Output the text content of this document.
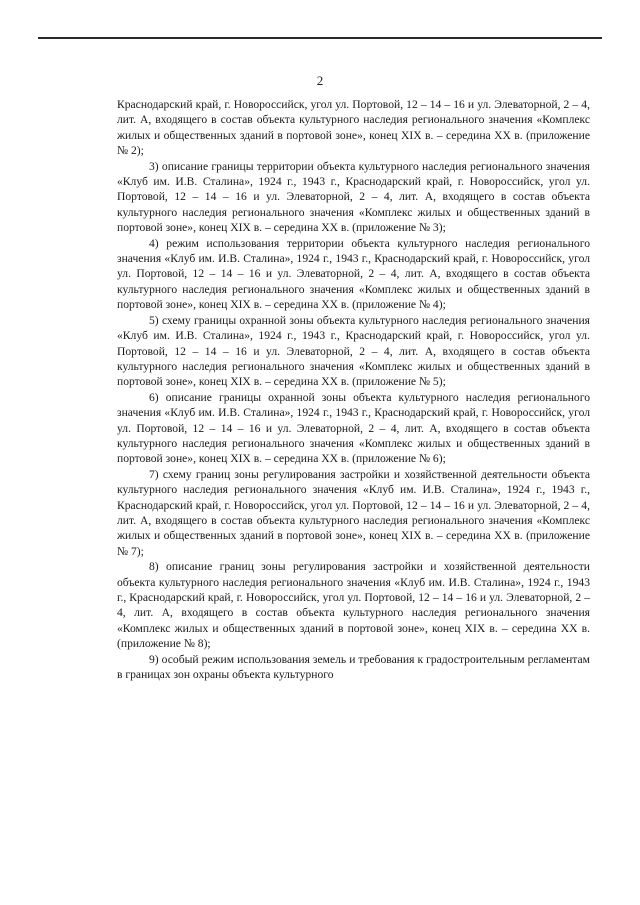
2

Краснодарский край, г. Новороссийск, угол ул. Портовой, 12 – 14 – 16 и ул. Элеваторной, 2 – 4, лит. А, входящего в состав объекта культурного наследия регионального значения «Комплекс жилых и общественных зданий в портовой зоне», конец XIX в. – середина XX в. (приложение № 2);

3) описание границы территории объекта культурного наследия регионального значения «Клуб им. И.В. Сталина», 1924 г., 1943 г., Краснодарский край, г. Новороссийск, угол ул. Портовой, 12 – 14 – 16 и ул. Элеваторной, 2 – 4, лит. А, входящего в состав объекта культурного наследия регионального значения «Комплекс жилых и общественных зданий в портовой зоне», конец XIX в. – середина XX в. (приложение № 3);

4) режим использования территории объекта культурного наследия регионального значения «Клуб им. И.В. Сталина», 1924 г., 1943 г., Краснодарский край, г. Новороссийск, угол ул. Портовой, 12 – 14 – 16 и ул. Элеваторной, 2 – 4, лит. А, входящего в состав объекта культурного наследия регионального значения «Комплекс жилых и общественных зданий в портовой зоне», конец XIX в. – середина XX в. (приложение № 4);

5) схему границы охранной зоны объекта культурного наследия регионального значения «Клуб им. И.В. Сталина», 1924 г., 1943 г., Краснодарский край, г. Новороссийск, угол ул. Портовой, 12 – 14 – 16 и ул. Элеваторной, 2 – 4, лит. А, входящего в состав объекта культурного наследия регионального значения «Комплекс жилых и общественных зданий в портовой зоне», конец XIX в. – середина XX в. (приложение № 5);

6) описание границы охранной зоны объекта культурного наследия регионального значения «Клуб им. И.В. Сталина», 1924 г., 1943 г., Краснодарский край, г. Новороссийск, угол ул. Портовой, 12 – 14 – 16 и ул. Элеваторной, 2 – 4, лит. А, входящего в состав объекта культурного наследия регионального значения «Комплекс жилых и общественных зданий в портовой зоне», конец XIX в. – середина XX в. (приложение № 6);

7) схему границ зоны регулирования застройки и хозяйственной деятельности объекта культурного наследия регионального значения «Клуб им. И.В. Сталина», 1924 г., 1943 г., Краснодарский край, г. Новороссийск, угол ул. Портовой, 12 – 14 – 16 и ул. Элеваторной, 2 – 4, лит. А, входящего в состав объекта культурного наследия регионального значения «Комплекс жилых и общественных зданий в портовой зоне», конец XIX в. – середина XX в. (приложение № 7);

8) описание границ зоны регулирования застройки и хозяйственной деятельности объекта культурного наследия регионального значения «Клуб им. И.В. Сталина», 1924 г., 1943 г., Краснодарский край, г. Новороссийск, угол ул. Портовой, 12 – 14 – 16 и ул. Элеваторной, 2 – 4, лит. А, входящего в состав объекта культурного наследия регионального значения «Комплекс жилых и общественных зданий в портовой зоне», конец XIX в. – середина XX в. (приложение № 8);

9) особый режим использования земель и требования к градостроительным регламентам в границах зон охраны объекта культурного
